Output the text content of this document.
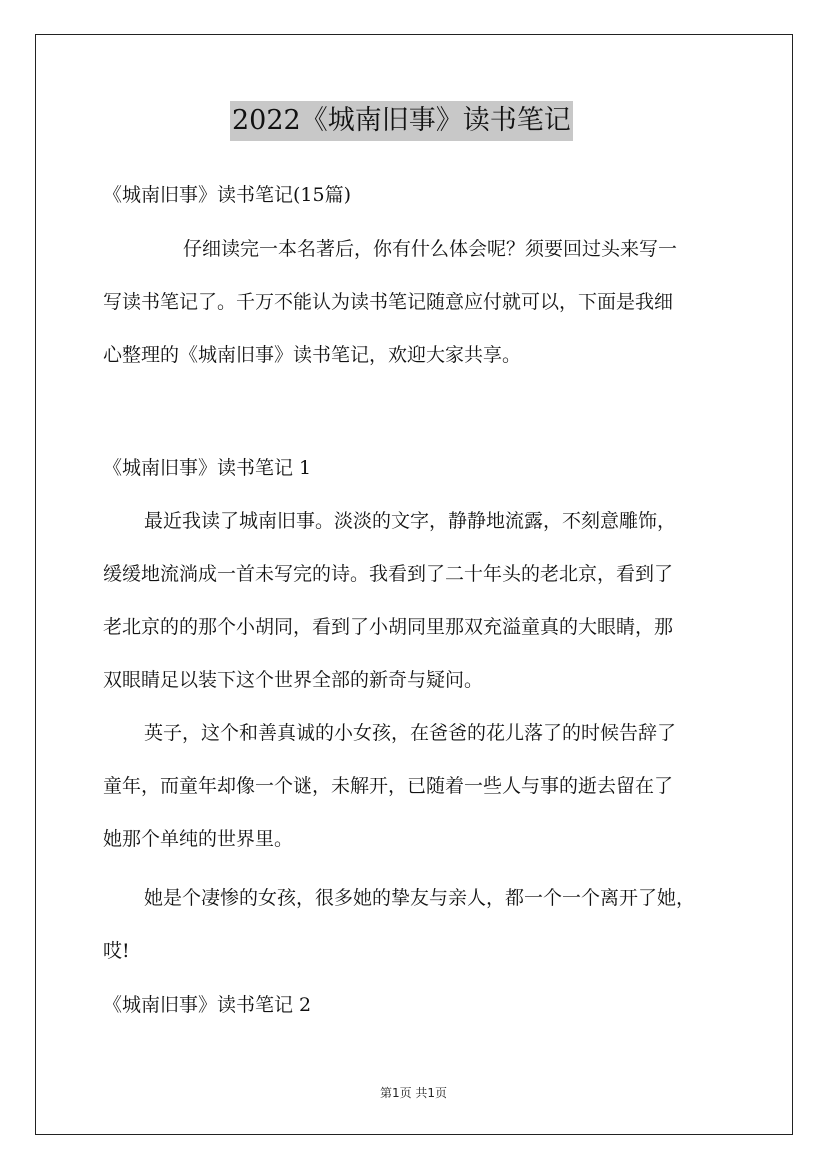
2022《城南旧事》读书笔记
《城南旧事》读书笔记(15篇)
仔细读完一本名著后，你有什么体会呢？须要回过头来写一
写读书笔记了。千万不能认为读书笔记随意应付就可以，下面是我细
心整理的《城南旧事》读书笔记，欢迎大家共享。
《城南旧事》读书笔记 1
最近我读了城南旧事。淡淡的文字，静静地流露，不刻意雕饰，
缓缓地流淌成一首未写完的诗。我看到了二十年头的老北京，看到了
老北京的的那个小胡同，看到了小胡同里那双充溢童真的大眼睛，那
双眼睛足以装下这个世界全部的新奇与疑问。
英子，这个和善真诚的小女孩，在爸爸的花儿落了的时候告辞了
童年，而童年却像一个谜，未解开，已随着一些人与事的逝去留在了
她那个单纯的世界里。
她是个凄惨的女孩，很多她的挚友与亲人，都一个一个离开了她，
哎!
《城南旧事》读书笔记 2
第1页 共1页
